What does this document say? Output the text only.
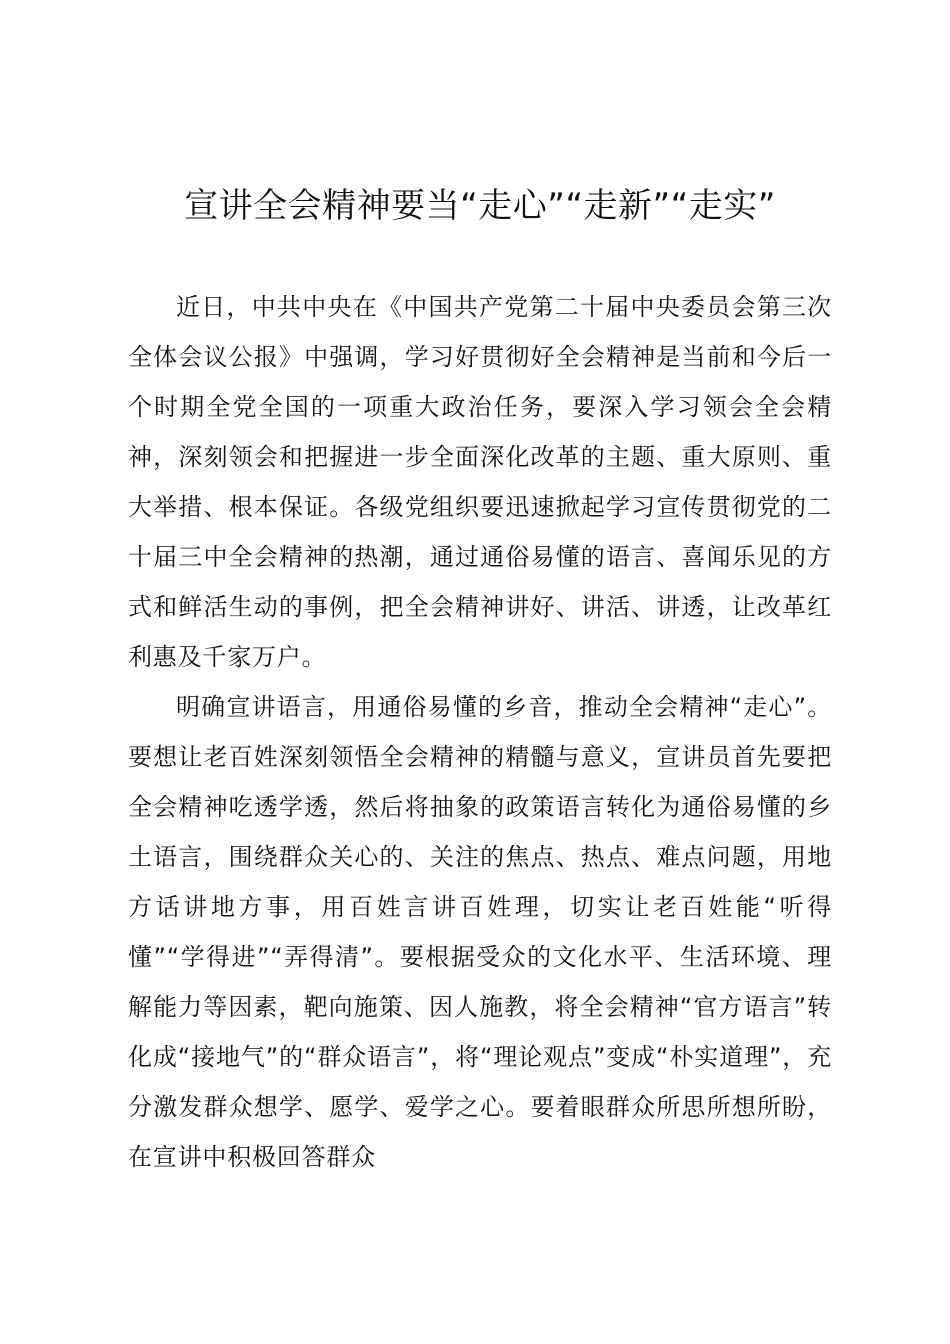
宣讲全会精神要当“走心”“走新”“走实”

近日，中共中央在《中国共产党第二十届中央委员会第三次全体会议公报》中强调，学习好贯彻好全会精神是当前和今后一个时期全党全国的一项重大政治任务，要深入学习领会全会精神，深刻领会和把握进一步全面深化改革的主题、重大原则、重大举措、根本保证。各级党组织要迅速掀起学习宣传贯彻党的二十届三中全会精神的热潮，通过通俗易懂的语言、喜闻乐见的方式和鲜活生动的事例，把全会精神讲好、讲活、讲透，让改革红利惠及千家万户。

明确宣讲语言，用通俗易懂的乡音，推动全会精神“走心”。要想让老百姓深刻领悟全会精神的精髓与意义，宣讲员首先要把全会精神吃透学透，然后将抽象的政策语言转化为通俗易懂的乡土语言，围绕群众关心的、关注的焦点、热点、难点问题，用地方话讲地方事，用百姓言讲百姓理，切实让老百姓能“听得懂”“学得进”“弄得清”。要根据受众的文化水平、生活环境、理解能力等因素，靶向施策、因人施教，将全会精神“官方语言”转化成“接地气”的“群众语言”，将“理论观点”变成“朴实道理”，充分激发群众想学、愿学、爱学之心。要着眼群众所思所想所盼，在宣讲中积极回答群众
